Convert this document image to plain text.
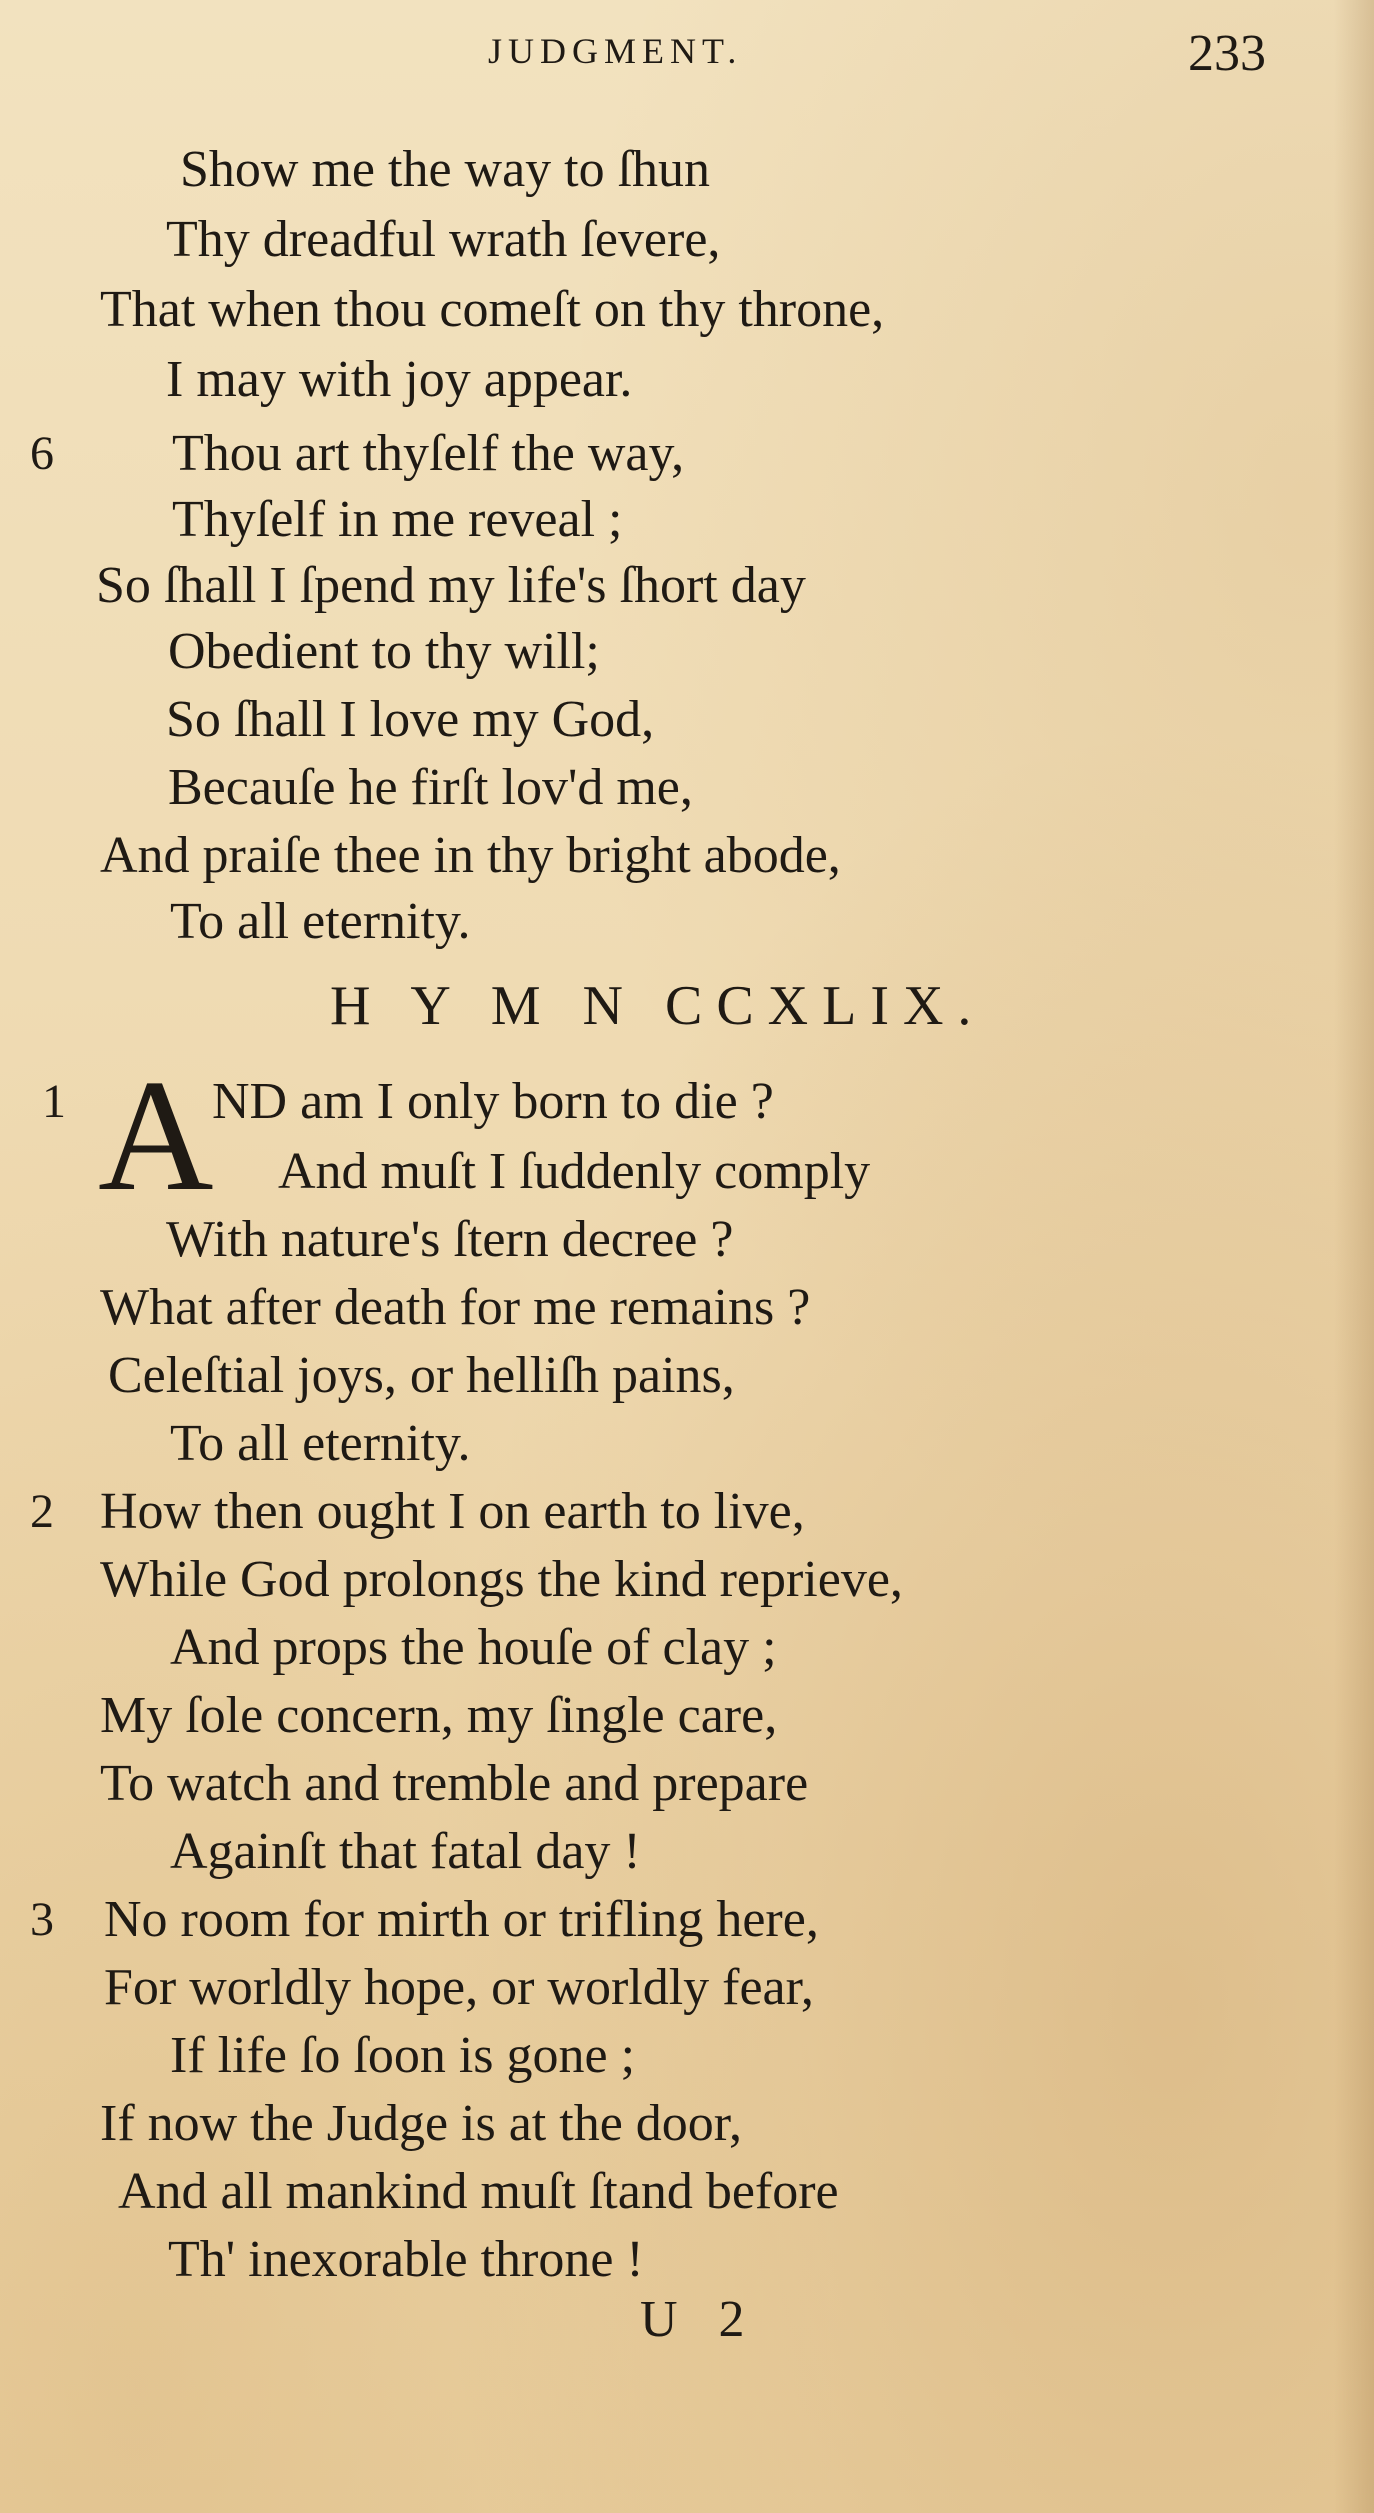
JUDGMENT.	233
Show me the way to ſhun
Thy dreadful wrath ſevere,
That when thou comeſt on thy throne,
I may with joy appear.
6 Thou art thyſelf the way,
Thyſelf in me reveal ;
So ſhall I ſpend my life's ſhort day
Obedient to thy will;
So ſhall I love my God,
Becauſe he firſt lov'd me,
And praiſe thee in thy bright abode,
To all eternity.
H Y M N CCXLIX.
1 A
ND am I only born to die ?
And muſt I ſuddenly comply
With nature's ſtern decree ?
What after death for me remains ?
Celeſtial joys, or helliſh pains,
To all eternity.
2 How then ought I on earth to live,
While God prolongs the kind reprieve,
And props the houſe of clay ;
My ſole concern, my ſingle care,
To watch and tremble and prepare
Againſt that fatal day !
3 No room for mirth or trifling here,
For worldly hope, or worldly fear,
If life ſo ſoon is gone ;
If now the Judge is at the door,
And all mankind muſt ſtand before
Th' inexorable throne !
U 2
